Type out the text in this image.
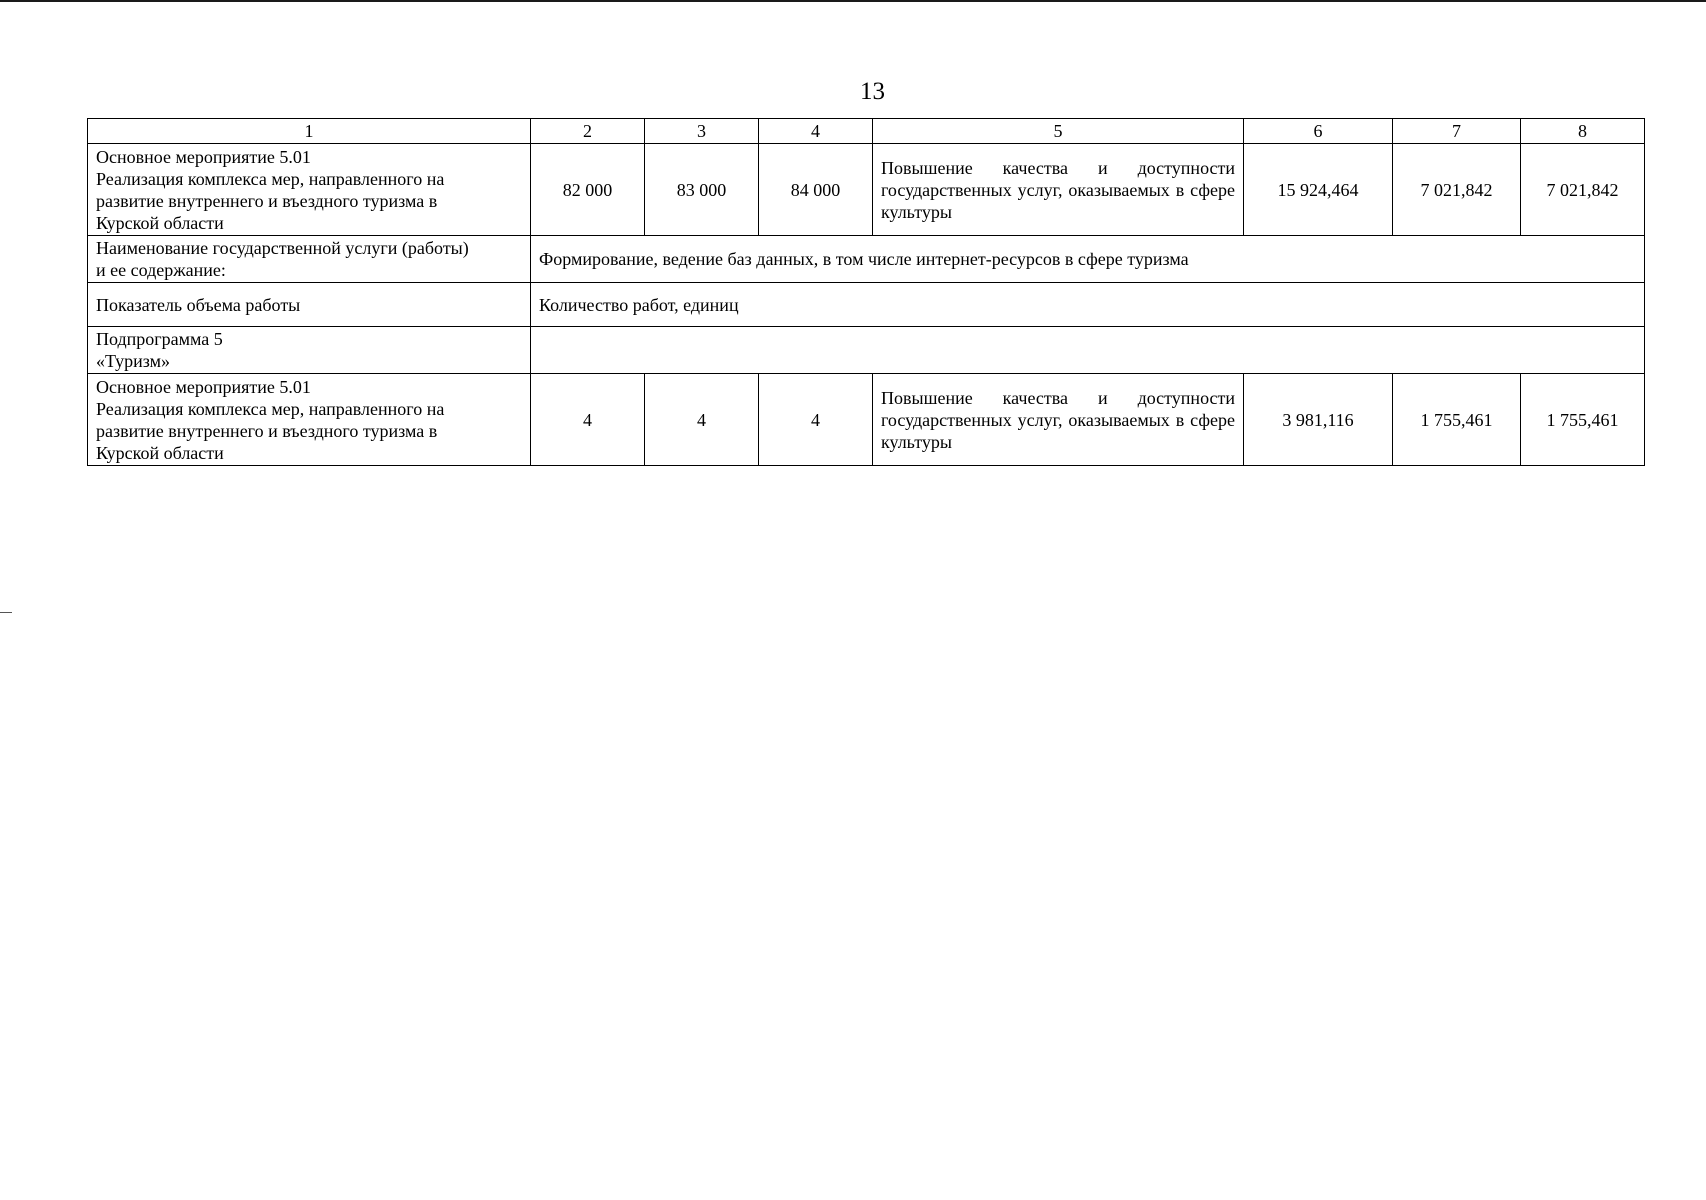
13
1	2	3	4	5	6	7	8

Основное мероприятие 5.01
Реализация комплекса мер, направленного на
развитие внутреннего и въездного туризма в
Курской области	82 000	83 000	84 000	Повышение качества и доступности государственных услуг, оказываемых в сфере культуры	15 924,464	7 021,842	7 021,842

Наименование государственной услуги (работы)
и ее содержание:	Формирование, ведение баз данных, в том числе интернет-ресурсов в сфере туризма						
Показатель объема работы	Количество работ, единиц						

Подпрограмма 5
«Туризм»							

Основное мероприятие 5.01
Реализация комплекса мер, направленного на
развитие внутреннего и въездного туризма в
Курской области	4	4	4	Повышение качества и доступности государственных услуг, оказываемых в сфере культуры	3 981,116	1 755,461	1 755,461
